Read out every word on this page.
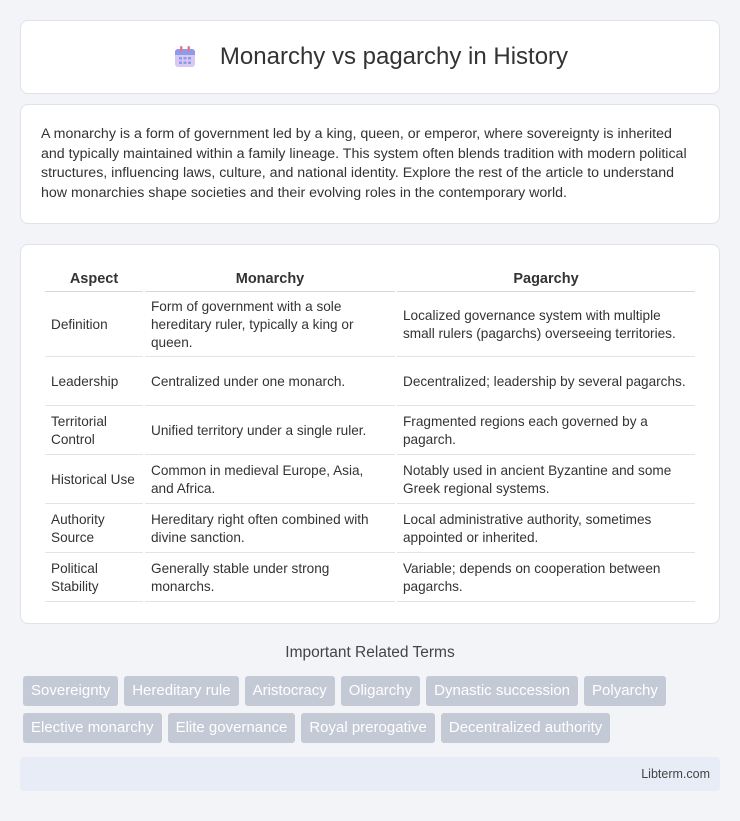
Monarchy vs pagarchy in History

A monarchy is a form of government led by a king, queen, or emperor, where sovereignty is inherited and typically maintained within a family lineage. This system often blends tradition with modern political structures, influencing laws, culture, and national identity. Explore the rest of the article to understand how monarchies shape societies and their evolving roles in the contemporary world.

Aspect	Monarchy	Pagarchy
Definition	Form of government with a sole hereditary ruler, typically a king or queen.	Localized governance system with multiple small rulers (pagarchs) overseeing territories.
Leadership	Centralized under one monarch.	Decentralized; leadership by several pagarchs.
Territorial Control	Unified territory under a single ruler.	Fragmented regions each governed by a pagarch.
Historical Use	Common in medieval Europe, Asia, and Africa.	Notably used in ancient Byzantine and some Greek regional systems.
Authority Source	Hereditary right often combined with divine sanction.	Local administrative authority, sometimes appointed or inherited.
Political Stability	Generally stable under strong monarchs.	Variable; depends on cooperation between pagarchs.
Important Related Terms
Sovereignty	Hereditary rule	Aristocracy	Oligarchy	Dynastic succession	Polyarchy
Elective monarchy	Elite governance	Royal prerogative	Decentralized authority
Libterm.com
